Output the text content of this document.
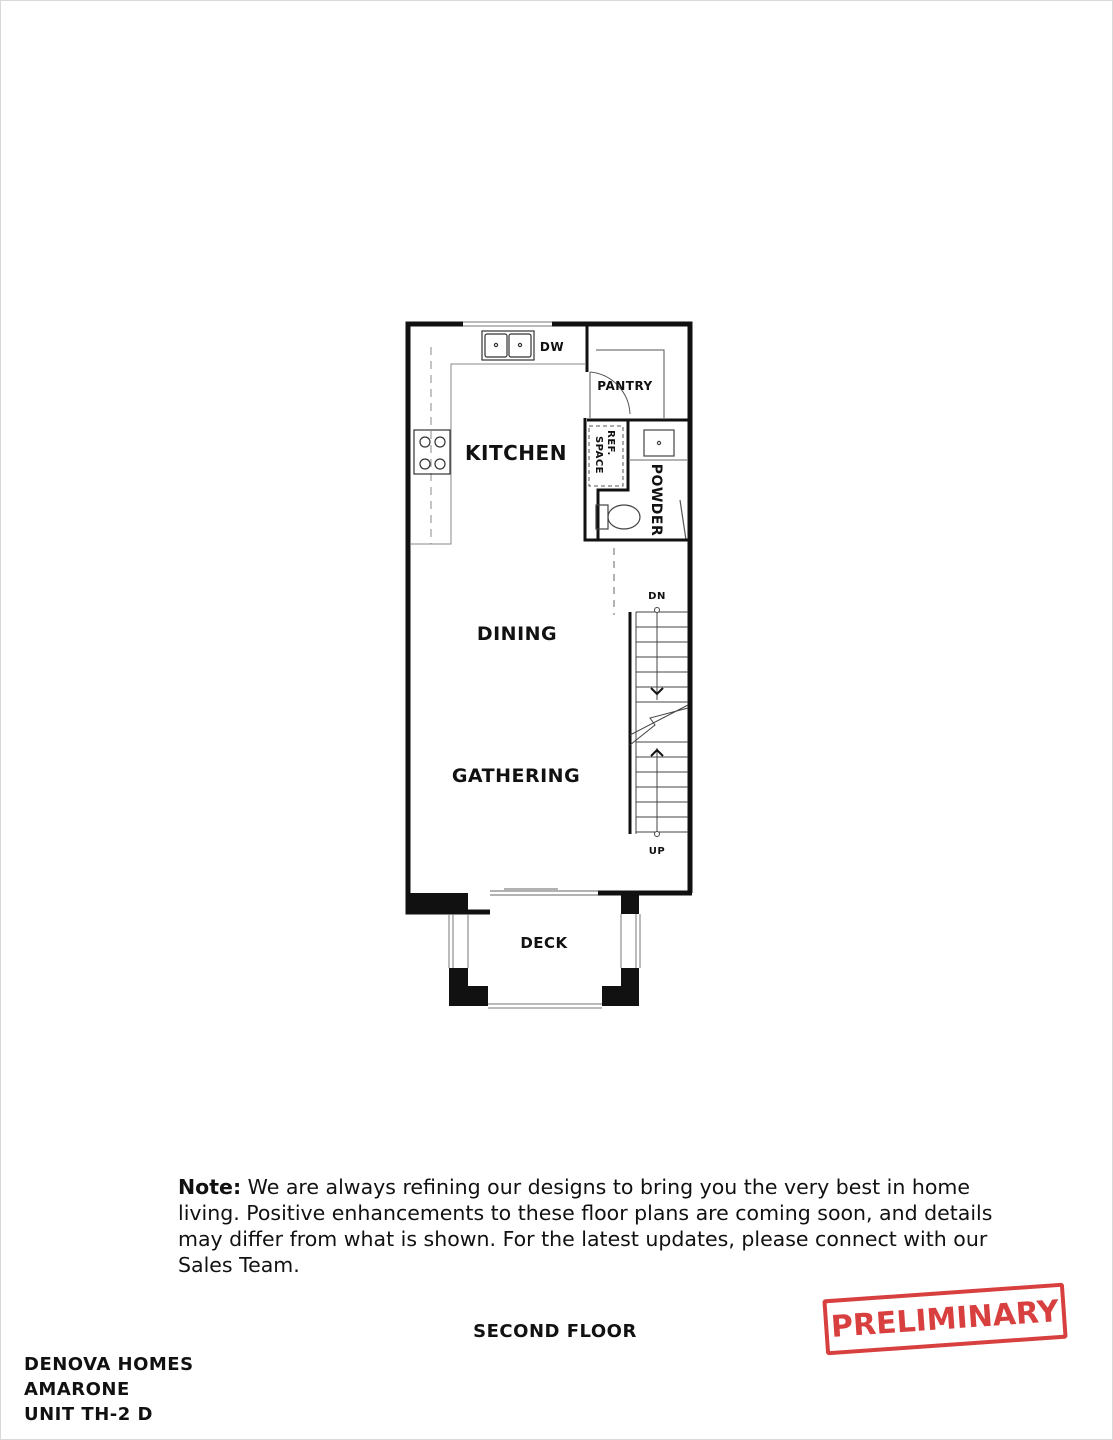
KITCHEN
DINING
GATHERING
DECK
PANTRY
DW
POWDER
REF.
SPACE
DN
UP
Note: We are always refining our designs to bring you the very best in home living. Positive enhancements to these floor plans are coming soon, and details may differ from what is shown. For the latest updates, please connect with our Sales Team.
SECOND FLOOR
DENOVA HOMES
AMARONE
UNIT TH-2 D
PRELIMINARY
